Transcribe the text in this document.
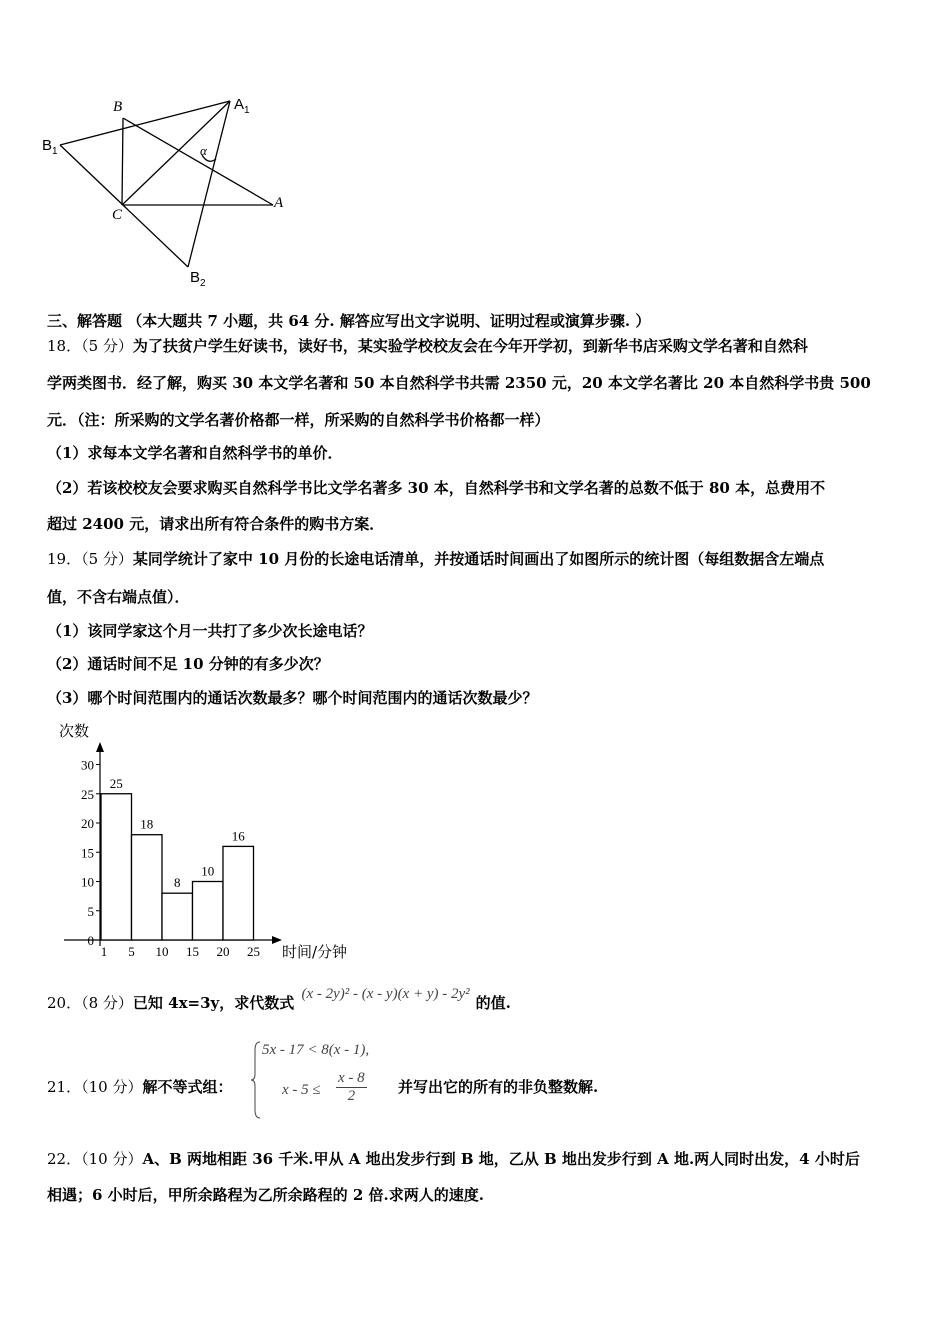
B	$A_1$
$B_1$	α
C
A
$B_2$
三、解答题 （本大题共 7 小题，共 64 分. 解答应写出文字说明、证明过程或演算步骤. ）
18．（5 分）为了扶贫户学生好读书，读好书，某实验学校校友会在今年开学初，到新华书店采购文学名著和自然科
学两类图书．经了解，购买 30 本文学名著和 50 本自然科学书共需 2350 元，20 本文学名著比 20 本自然科学书贵 500
元．（注：所采购的文学名著价格都一样，所采购的自然科学书价格都一样）
（1）求每本文学名著和自然科学书的单价．
（2）若该校校友会要求购买自然科学书比文学名著多 30 本，自然科学书和文学名著的总数不低于 80 本，总费用不
超过 2400 元，请求出所有符合条件的购书方案．
19．（5 分）某同学统计了家中 10 月份的长途电话清单，并按通话时间画出了如图所示的统计图（每组数据含左端点
值，不含右端点值）．
（1）该同学家这个月一共打了多少次长途电话？
（2）通话时间不足 10 分钟的有多少次？
（3）哪个时间范围内的通话次数最多？哪个时间范围内的通话次数最少？
0
5
10
15
20
25
30
1 5 10 15 20 25
25
18
8
10
16
次数
时间/分钟
20．（8 分）已知 4x=3y，求代数式 (x - 2y)² - (x - y)(x + y) - 2y² 的值.
21．（10 分）解不等式组：
5x - 17 < 8(x - 1),
$x - 5 \le \frac{x - 8}{2}$ 并写出它的所有的非负整数解.
22．（10 分）A、B 两地相距 36 千米.甲从 A 地出发步行到 B 地，乙从 B 地出发步行到 A 地.两人同时出发，4 小时后
相遇；6 小时后，甲所余路程为乙所余路程的 2 倍.求两人的速度.
